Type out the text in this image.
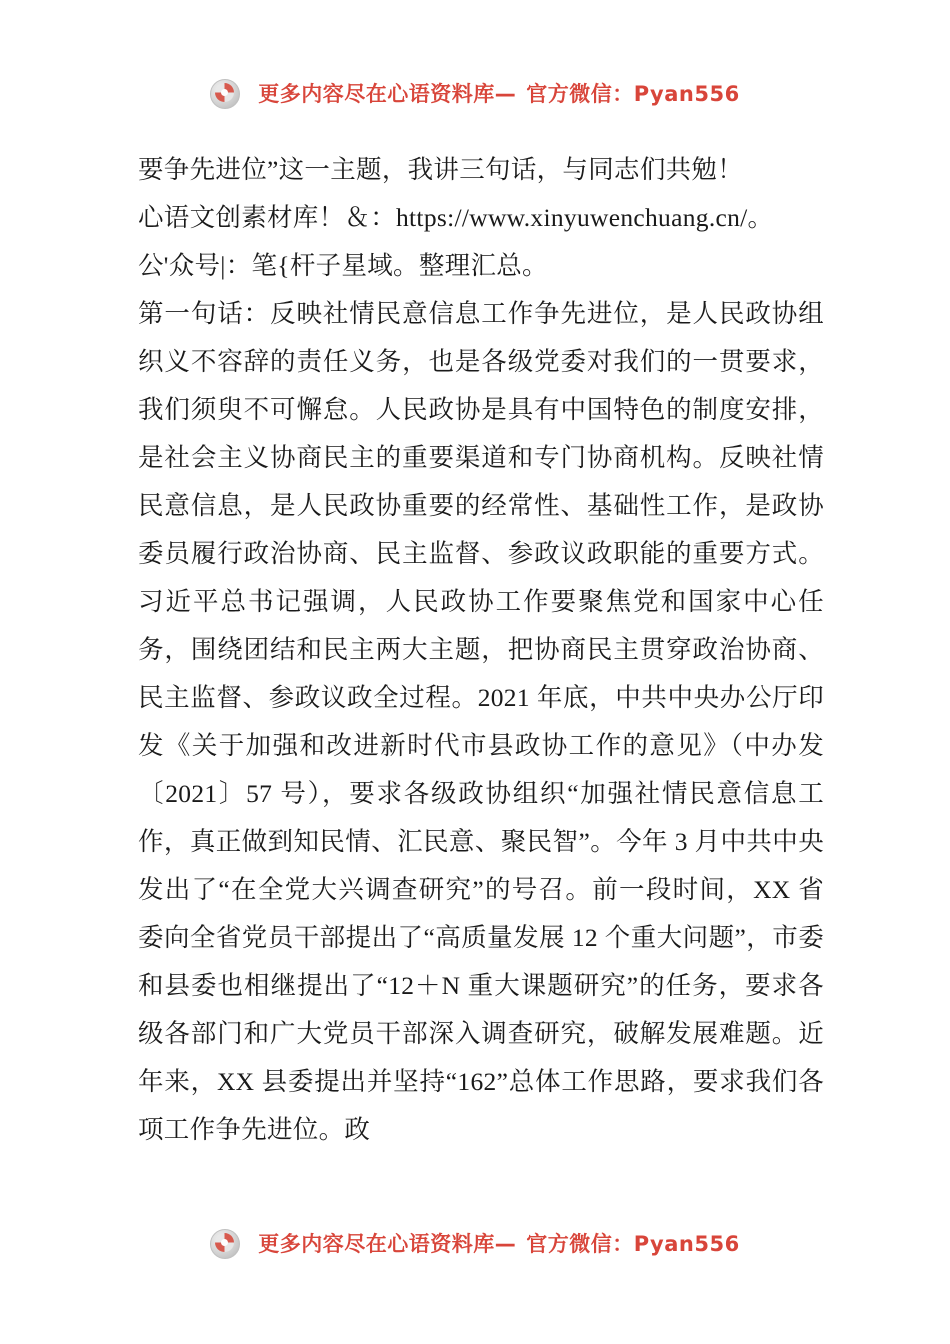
更多内容尽在心语资料库— 官方微信：Pyan556

要争先进位”这一主题，我讲三句话，与同志们共勉！

心语文创素材库！＆：https://www.xinyuwenchuang.cn/。

公'众号|：笔{杆子星域。整理汇总。

第一句话：反映社情民意信息工作争先进位，是人民政协组织义不容辞的责任义务，也是各级党委对我们的一贯要求，我们须臾不可懈怠。人民政协是具有中国特色的制度安排，是社会主义协商民主的重要渠道和专门协商机构。反映社情民意信息，是人民政协重要的经常性、基础性工作，是政协委员履行政治协商、民主监督、参政议政职能的重要方式。习近平总书记强调，人民政协工作要聚焦党和国家中心任务，围绕团结和民主两大主题，把协商民主贯穿政治协商、民主监督、参政议政全过程。2021 年底，中共中央办公厅印发《关于加强和改进新时代市县政协工作的意见》（中办发〔2021〕57 号），要求各级政协组织“加强社情民意信息工作，真正做到知民情、汇民意、聚民智”。今年 3 月中共中央发出了“在全党大兴调查研究”的号召。前一段时间，XX 省委向全省党员干部提出了“高质量发展 12 个重大问题”，市委和县委也相继提出了“12＋N 重大课题研究”的任务，要求各级各部门和广大党员干部深入调查研究，破解发展难题。近年来，XX 县委提出并坚持“162”总体工作思路，要求我们各项工作争先进位。政

更多内容尽在心语资料库— 官方微信：Pyan556
